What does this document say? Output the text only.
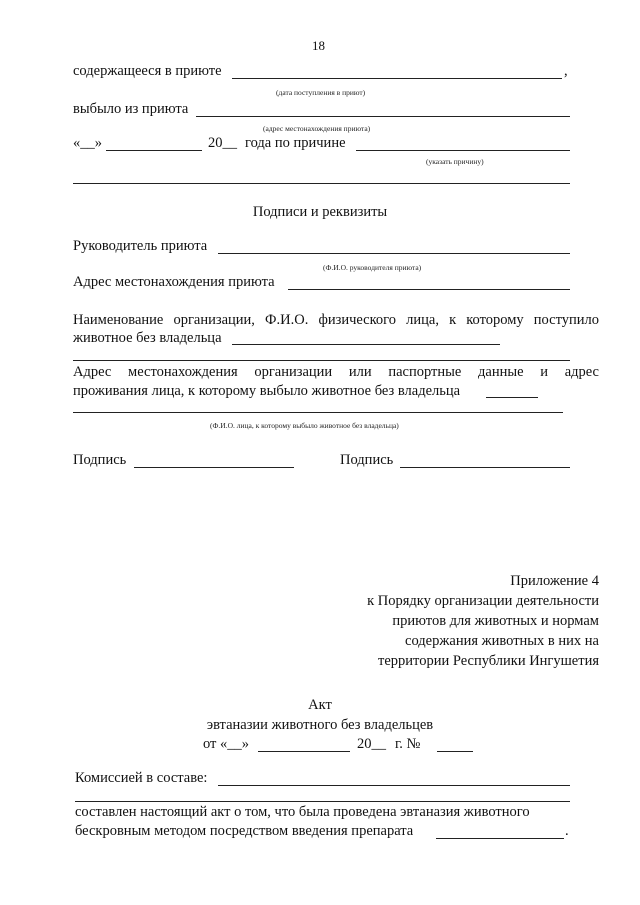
18
содержащееся в приюте	,
(дата поступления в приют)
выбыло из приюта
(адрес местонахождения приюта)
«__»	20__ года по причине
(указать причину)
Подписи и реквизиты
Руководитель приюта
(Ф.И.О. руководителя приюта)
Адрес местонахождения приюта
Наименование организации, Ф.И.О. физического лица, к которому поступило
животное без владельца
Адрес местонахождения организации или паспортные данные и адрес
проживания лица, к которому выбыло животное без владельца
(Ф.И.О. лица, к которому выбыло животное без владельца)
Подпись	Подпись
Приложение 4
к Порядку организации деятельности
приютов для животных и нормам
содержания животных в них на
территории Республики Ингушетия
Акт
эвтаназии животного без владельцев
от «__»	20__ г. №
Комиссией в составе:
составлен настоящий акт о том, что была проведена эвтаназия животного
бескровным методом посредством введения препарата	.
